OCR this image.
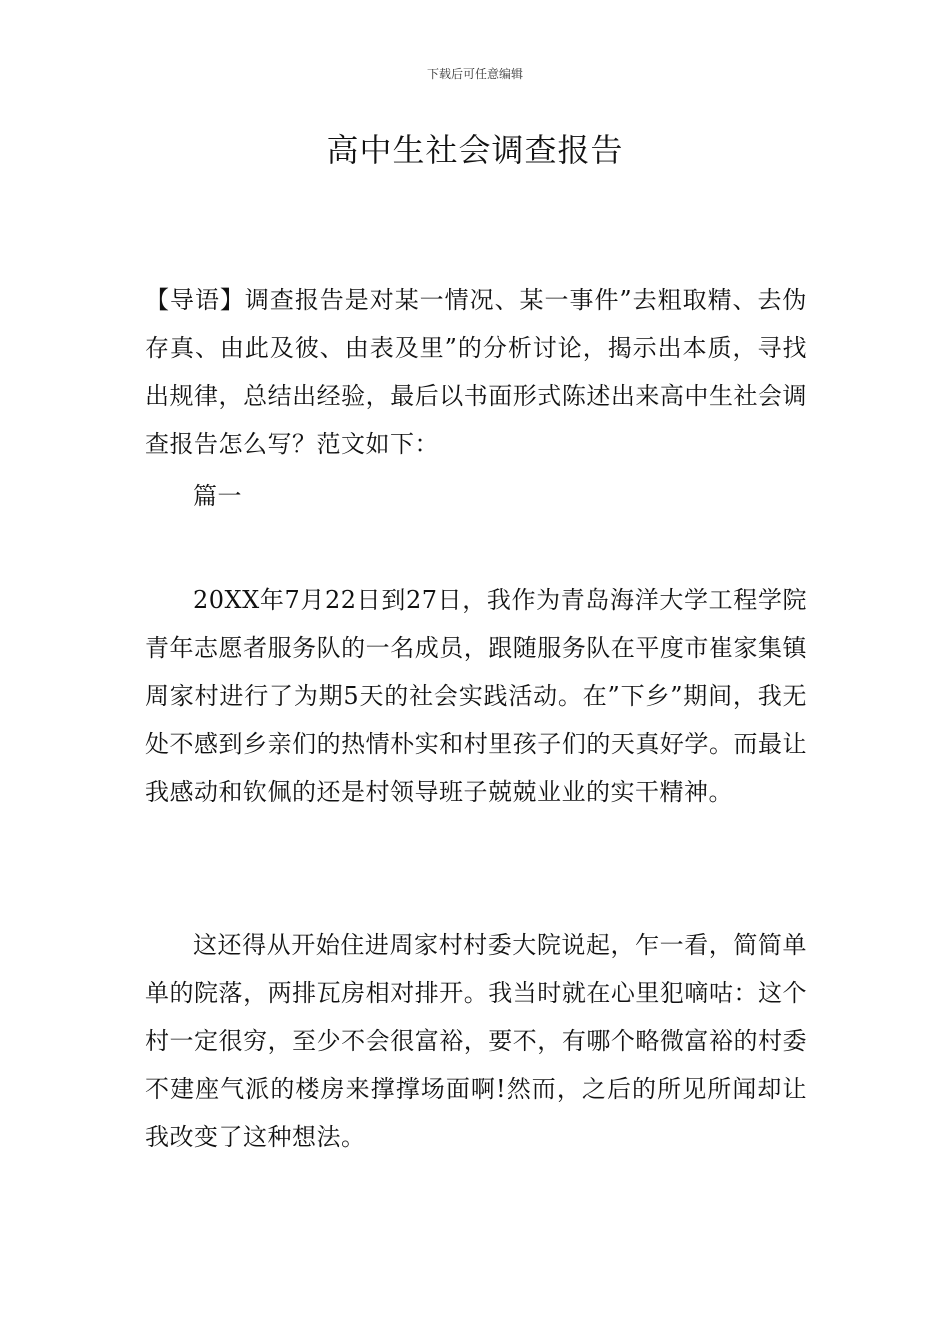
下载后可任意编辑
高中生社会调查报告

【导语】调查报告是对某一情况、某一事件”去粗取精、去伪存真、由此及彼、由表及里”的分析讨论，揭示出本质，寻找出规律，总结出经验，最后以书面形式陈述出来高中生社会调查报告怎么写？范文如下：

篇一

20XX年7月22日到27日，我作为青岛海洋大学工程学院青年志愿者服务队的一名成员，跟随服务队在平度市崔家集镇周家村进行了为期5天的社会实践活动。在”下乡”期间，我无处不感到乡亲们的热情朴实和村里孩子们的天真好学。而最让我感动和钦佩的还是村领导班子兢兢业业的实干精神。

这还得从开始住进周家村村委大院说起，乍一看，简简单单的院落，两排瓦房相对排开。我当时就在心里犯嘀咕：这个村一定很穷，至少不会很富裕，要不，有哪个略微富裕的村委不建座气派的楼房来撑撑场面啊!然而，之后的所见所闻却让我改变了这种想法。
